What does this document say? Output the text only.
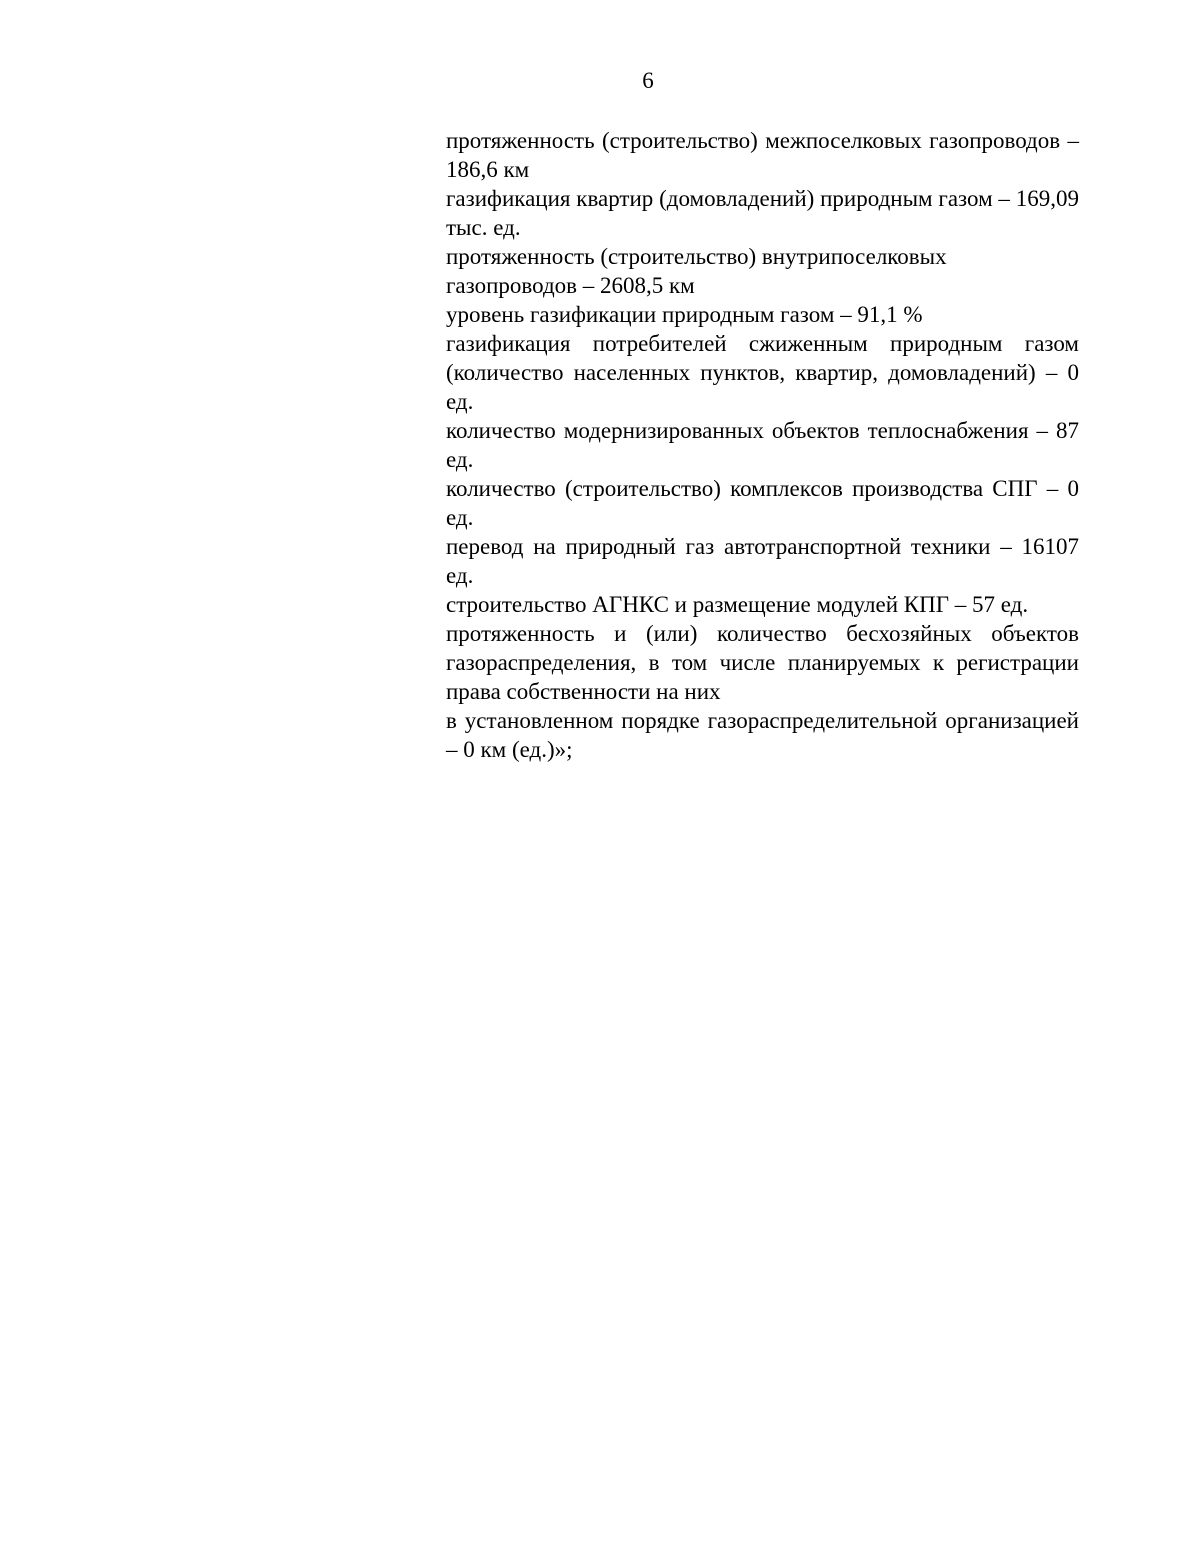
6

протяженность (строительство) межпоселковых газопроводов – 186,6 км

газификация квартир (домовладений) природным газом – 169,09 тыс. ед.

протяженность (строительство) внутрипоселковых газопроводов – 2608,5 км

уровень газификации природным газом – 91,1 %

газификация потребителей сжиженным природным газом (количество населенных пунктов, квартир, домовладений) – 0 ед.

количество модернизированных объектов теплоснабжения – 87 ед.

количество (строительство) комплексов производства СПГ – 0 ед.

перевод на природный газ автотранспортной техники – 16107 ед.

строительство АГНКС и размещение модулей КПГ – 57 ед.

протяженность и (или) количество бесхозяйных объектов газораспределения, в том числе планируемых к регистрации права собственности на них

в установленном порядке газораспределительной организацией – 0 км (ед.)»;
